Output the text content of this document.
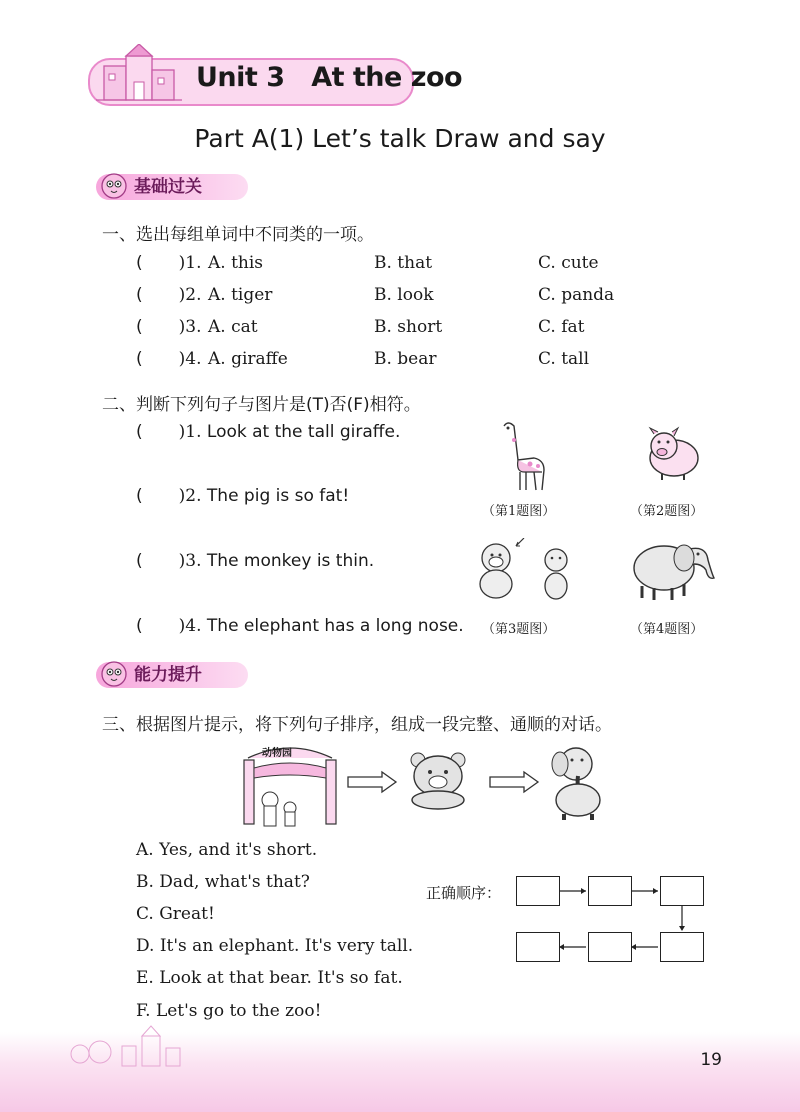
Unit 3   At the zoo
Part A(1) Let’s talk Draw and say
基础过关
一、选出每组单词中不同类的一项。
( )1. A. this	B. that	C. cute
( )2. A. tiger	B. look	C. panda
( )3. A. cat	B. short	C. fat
( )4. A. giraffe	B. bear	C. tall
二、判断下列句子与图片是(T)否(F)相符。
( )1. Look at the tall giraffe.
( )2. The pig is so fat!
( )3. The monkey is thin.
( )4. The elephant has a long nose.
（第1题图）	（第2题图）
（第3题图）	（第4题图）
能力提升
三、根据图片提示，将下列句子排序，组成一段完整、通顺的对话。
动物园
A. Yes, and it's short.
B. Dad, what's that?
C. Great!
D. It's an elephant. It's very tall.
E. Look at that bear. It's so fat.
F. Let's go to the zoo!
正确顺序：
19
